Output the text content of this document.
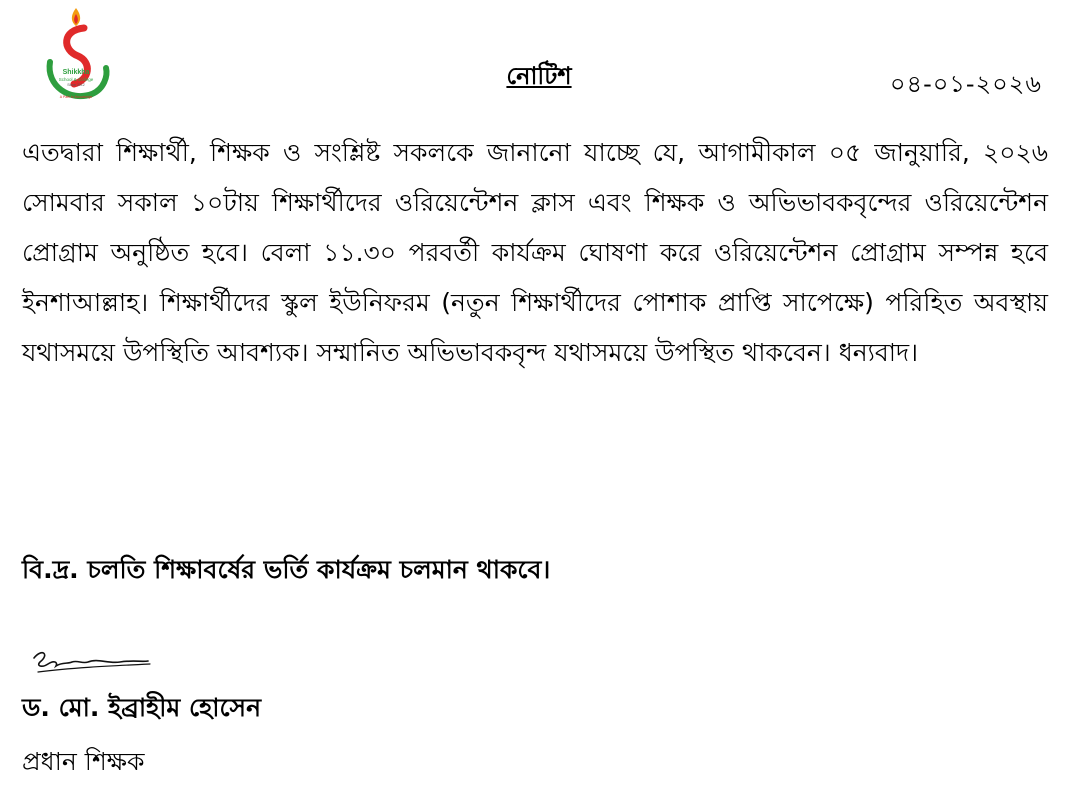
Shikkha
School & College
Since 2012
A Path to Knowledge
নোটিশ	০৪-০১-২০২৬
এতদ্বারা শিক্ষার্থী, শিক্ষক ও সংশ্লিষ্ট সকলকে জানানো যাচ্ছে যে, আগামীকাল ০৫ জানুয়ারি, ২০২৬ সোমবার সকাল ১০টায় শিক্ষার্থীদের ওরিয়েন্টেশন ক্লাস এবং শিক্ষক ও অভিভাবকবৃন্দের ওরিয়েন্টেশন প্রোগ্রাম অনুষ্ঠিত হবে। বেলা ১১.৩০ পরবর্তী কার্যক্রম ঘোষণা করে ওরিয়েন্টেশন প্রোগ্রাম সম্পন্ন হবে ইনশাআল্লাহ। শিক্ষার্থীদের স্কুল ইউনিফরম (নতুন শিক্ষার্থীদের পোশাক প্রাপ্তি সাপেক্ষে) পরিহিত অবস্থায় যথাসময়ে উপস্থিতি আবশ্যক। সম্মানিত অভিভাবকবৃন্দ যথাসময়ে উপস্থিত থাকবেন। ধন্যবাদ।
বি.দ্র. চলতি শিক্ষাবর্ষের ভর্তি কার্যক্রম চলমান থাকবে।
ড. মো. ইব্রাহীম হোসেন
প্রধান শিক্ষক
